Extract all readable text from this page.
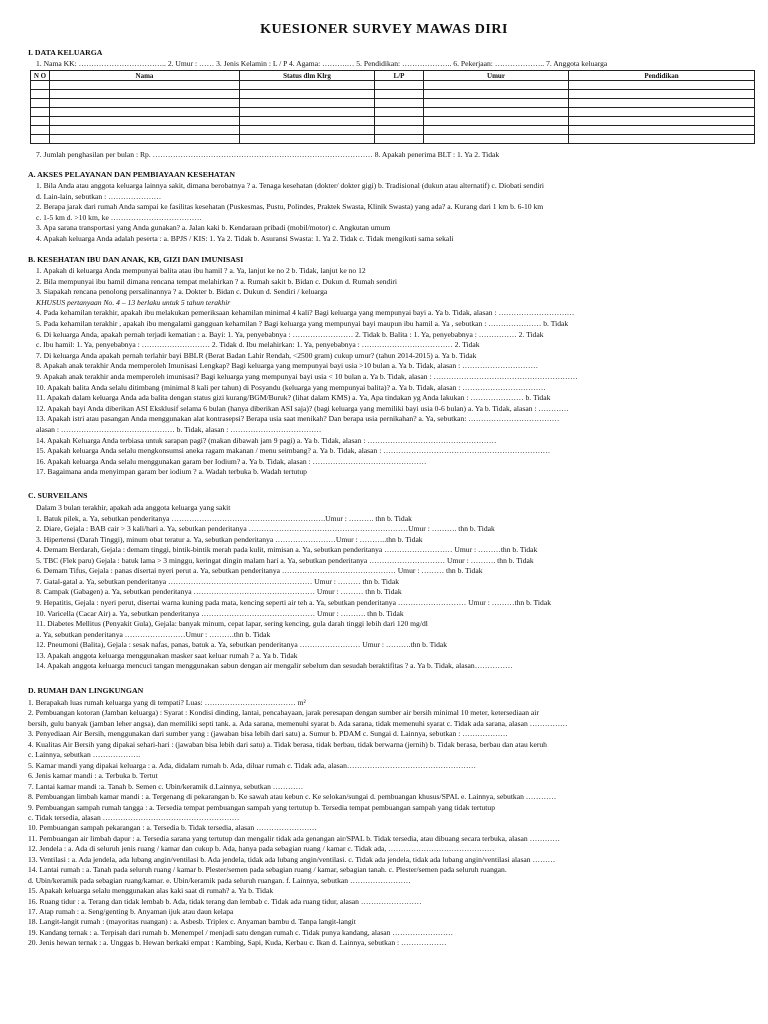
KUESIONER SURVEY MAWAS DIRI
I. DATA KELUARGA
1. Nama KK: …………………………….. 2. Umur : …… 3. Jenis Kelamin : L / P 4. Agama: ……….… 5. Pendidikan: ……………….. 6. Pekerjaan: ……………….. 7. Anggota keluarga
N O	Nama	Status dlm Klrg	L/P	Umur	Pendidikan

7. Jumlah penghasilan per bulan : Rp. …………………………………………………………………………… 8. Apakah penerima BLT : 1. Ya 2. Tidak
A. AKSES PELAYANAN DAN PEMBIAYAAN KESEHATAN
1. Bila Anda atau anggota keluarga lainnya sakit, dimana berobatnya ? a. Tenaga kesehatan (dokter/ dokter gigi) b. Tradisional (dukun atau alternatif) c. Diobati sendiri
d. Lain-lain, sebutkan : …………………
2. Berapa jarak dari rumah Anda sampai ke fasilitas kesehatan (Puskesmas, Pustu, Polindes, Praktek Swasta, Klinik Swasta) yang ada? a. Kurang dari 1 km b. 6-10 km
c. 1-5 km d. >10 km, ke ………………………………
3. Apa sarana transportasi yang Anda gunakan? a. Jalan kaki b. Kendaraan pribadi (mobil/motor) c. Angkutan umum
4. Apakah keluarga Anda adalah peserta : a. BPJS / KIS: 1. Ya 2. Tidak b. Asuransi Swasta: 1. Ya 2. Tidak c. Tidak mengikuti sama sekali
B. KESEHATAN IBU DAN ANAK, KB, GIZI DAN IMUNISASI
1. Apakah di keluarga Anda mempunyai balita atau ibu hamil ? a. Ya, lanjut ke no 2 b. Tidak, lanjut ke no 12
2. Bila mempunyai ibu hamil dimana rencana tempat melahirkan ? a. Rumah sakit b. Bidan c. Dukun d. Rumah sendiri
3. Siapakah rencana penolong persalinannya ? a. Dokter b. Bidan c. Dukun d. Sendiri / keluarga
KHUSUS pertanyaan No. 4 – 13 berlaku untuk 5 tahun terakhir
4. Pada kehamilan terakhir, apakah ibu melakukan pemeriksaan kehamilan minimal 4 kali? Bagi keluarga yang mempunyai bayi a. Ya b. Tidak, alasan : …………………………
5. Pada kehamilan terakhir , apakah ibu mengalami gangguan kehamilan ? Bagi keluarga yang mempunyai bayi maupun ibu hamil a. Ya , sebutkan : ………………… b. Tidak
6. Di keluarga Anda, apakah pernah terjadi kematian : a. Bayi: 1. Ya, penyebabnya : …………………… 2. Tidak b. Balita : 1. Ya, penyebabnya : …………… 2. Tidak
c. Ibu hamil: 1. Ya, penyebabnya : ……………………… 2. Tidak d. Ibu melahirkan: 1. Ya, penyebabnya : ……………………………… 2. Tidak
7. Di keluarga Anda apakah pernah terlahir bayi BBLR (Berat Badan Lahir Rendah, <2500 gram) cukup umur? (tahun 2014-2015) a. Ya b. Tidak
8. Apakah anak terakhir Anda memperoleh Imunisasi Lengkap? Bagi keluarga yang mempunyai bayi usia >10 bulan a. Ya b. Tidak, alasan : …………………………
9. Apakah anak terakhir anda memperoleh imunisasi? Bagi keluarga yang mempunyai bayi usia < 10 bulan a. Ya b. Tidak, alasan : …………………………………………………
10. Apakah balita Anda selalu ditimbang (minimal 8 kali per tahun) di Posyandu (keluarga yang mempunyai balita)? a. Ya b. Tidak, alasan : ……………………………
11. Apakah dalam keluarga Anda ada balita dengan status gizi kurang/BGM/Buruk? (lihat dalam KMS) a. Ya, Apa tindakan yg Anda lakukan : ………………… b. Tidak
12. Apakah bayi Anda diberikan ASI Eksklusif selama 6 bulan (hanya diberikan ASI saja)? (bagi keluarga yang memiliki bayi usia 0-6 bulan) a. Ya b. Tidak, alasan : …………
13. Apakah istri atau pasangan Anda menggunakan alat kontrasepsi? Berapa usia saat menikah? Dan berapa usia pernikahan? a. Ya, sebutkan: ………………………………
alasan : ……………………………………… b. Tidak, alasan : ………………………………
14. Apakah Keluarga Anda terbiasa untuk sarapan pagi? (makan dibawah jam 9 pagi) a. Ya b. Tidak, alasan : ……………………………………………
15. Apakah keluarga Anda selalu mengkonsumsi aneka ragam makanan / menu seimbang? a. Ya b. Tidak, alasan : …………………………………………………………
16. Apakah keluarga Anda selalu menggunakan garam ber Iodium? a. Ya b. Tidak, alasan : ………………………………………
17. Bagaimana anda menyimpan garam ber iodium ? a. Wadah terbuka b. Wadah tertutup
C. SURVEILANS
Dalam 3 bulan terakhir, apakah ada anggota keluarga yang sakit
1. Batuk pilek, a. Ya, sebutkan penderitanya …………………………………………………….Umur : ………. thn b. Tidak
2. Diare, Gejala : BAB cair > 3 kali/hari a. Ya, sebutkan penderitanya ………………………………………………………Umur : ………. thn b. Tidak
3. Hipertensi (Darah Tinggi), minum obat teratur a. Ya, sebutkan penderitanya ……………………Umur : ………..thn b. Tidak
4. Demam Berdarah, Gejala : demam tinggi, bintik-bintik merah pada kulit, mimisan a. Ya, sebutkan penderitanya ……………………… Umur : ………thn b. Tidak
5. TBC (Flek paru) Gejala : batuk lama > 3 minggu, keringat dingin malam hari a. Ya, sebutkan penderitanya ………………………… Umur : ………. thn b. Tidak
6. Demam Tifus, Gejala : panas disertai nyeri perut a. Ya, sebutkan penderitanya ……………………………………… Umur : ……… thn b. Tidak
7. Gatal-gatal a. Ya, sebutkan penderitanya ………………………………………………… Umur : ……… thn b. Tidak
8. Campak (Gabagen) a. Ya, sebutkan penderitanya ………………………………………… Umur : ……… thn b. Tidak
9. Hepatitis, Gejala : nyeri perut, disertai warna kuning pada mata, kencing seperti air teh a. Ya, sebutkan penderitanya ……………………… Umur : ………thn b. Tidak
10. Varicella (Cacar Air) a. Ya, sebutkan penderitanya ……………………………………… Umur : ………. thn b. Tidak
11. Diabetes Mellitus (Penyakit Gula), Gejala: banyak minum, cepat lapar, sering kencing, gula darah tinggi lebih dari 120 mg/dl
a. Ya, sebutkan penderitanya ……………………Umur : ……….thn b. Tidak
12. Pneumoni (Balita), Gejala : sesak nafas, panas, batuk a. Ya, sebutkan penderitanya …………………… Umur : ……….thn b. Tidak
13. Apakah anggota keluarga menggunakan masker saat keluar rumah ? a. Ya b. Tidak
14. Apakah anggota keluarga mencuci tangan menggunakan sabun dengan air mengalir sebelum dan sesudah beraktifitas ? a. Ya b. Tidak, alasan……………
D. RUMAH DAN LINGKUNGAN
1. Berapakah luas rumah keluarga yang di tempati? Luas: ……………………………… m²
2. Pembuangan kotoran (Jamban keluarga) : Syarat : Kondisi dinding, lantai, pencahayaan, jarak peresapan dengan sumber air bersih minimal 10 meter, ketersediaan air
bersih, gulu banyak (jamban leher angsa), dan memiliki septi tank. a. Ada sarana, memenuhi syarat b. Ada sarana, tidak memenuhi syarat c. Tidak ada sarana, alasan ……………
3. Penyediaan Air Bersih, menggunakan dari sumber yang : (jawaban bisa lebih dari satu) a. Sumur b. PDAM c. Sungai d. Lainnya, sebutkan : ………………
4. Kualitas Air Bersih yang dipakai sehari-hari : (jawaban bisa lebih dari satu) a. Tidak berasa, tidak berbau, tidak berwarna (jernih) b. Tidak berasa, berbau dan atau keruh
c. Lainnya, sebutkan ……………….
5. Kamar mandi yang dipakai keluarga : a. Ada, didalam rumah b. Ada, diluar rumah c. Tidak ada, alasan……………………………………………
6. Jenis kamar mandi : a. Terbuka b. Tertut
7. Lantai kamar mandi :a. Tanah b. Semen c. Ubin/keramik d.Lainnya, sebutkan …………
8. Pembuangan limbah kamar mandi : a. Tergenang di pekarangan b. Ke sawah atau kebun c. Ke selokan/sungai d. pembuangan khusus/SPAL e. Lainnya, sebutkan …………
9. Pembuangan sampah rumah tangga : a. Tersedia tempat pembuangan sampah yang tertutup b. Tersedia tempat pembuangan sampah yang tidak tertutup
c. Tidak tersedia, alasan ………………………………………………
10. Pembuangan sampah pekarangan : a. Tersedia b. Tidak tersedia, alasan ……………………
11. Pembuangan air limbah dapur : a. Tersedia sarana yang tertutup dan mengalir tidak ada genangan air/SPAL b. Tidak tersedia, atau dibuang secara terbuka, alasan …………
12. Jendela : a. Ada di seluruh jenis ruang / kamar dan cukup b. Ada, hanya pada sebagian ruang / kamar c. Tidak ada, ……………………………………
13. Ventilasi : a. Ada jendela, ada lubang angin/ventilasi b. Ada jendela, tidak ada lubang angin/ventilasi. c. Tidak ada jendela, tidak ada lubang angin/ventilasi alasan ………
14. Lantai rumah : a. Tanah pada seluruh ruang / kamar b. Plester/semen pada sebagian ruang / kamar, sebagian tanah. c. Plester/semen pada seluruh ruangan.
d. Ubin/keramik pada sebagian ruang/kamar. e. Ubin/keramik pada seluruh ruangan. f. Lainnya, sebutkan ……………………
15. Apakah keluarga selalu menggunakan alas kaki saat di rumah? a. Ya b. Tidak
16. Ruang tidur : a. Terang dan tidak lembab b. Ada, tidak terang dan lembab c. Tidak ada ruang tidur, alasan ……………………
17. Atap rumah : a. Seng/genting b. Anyaman ijuk atau daun kelapa
18. Langit-langit rumah : (mayoritas ruangan) : a. Asbesb. Triplex c. Anyaman bambu d. Tanpa langit-langit
19. Kandang ternak : a. Terpisah dari rumah b. Menempel / menjadi satu dengan rumah c. Tidak punya kandang, alasan ……………………
20. Jenis hewan ternak : a. Unggas b. Hewan berkaki empat : Kambing, Sapi, Kuda, Kerbau c. Ikan d. Lainnya, sebutkan : ………………
